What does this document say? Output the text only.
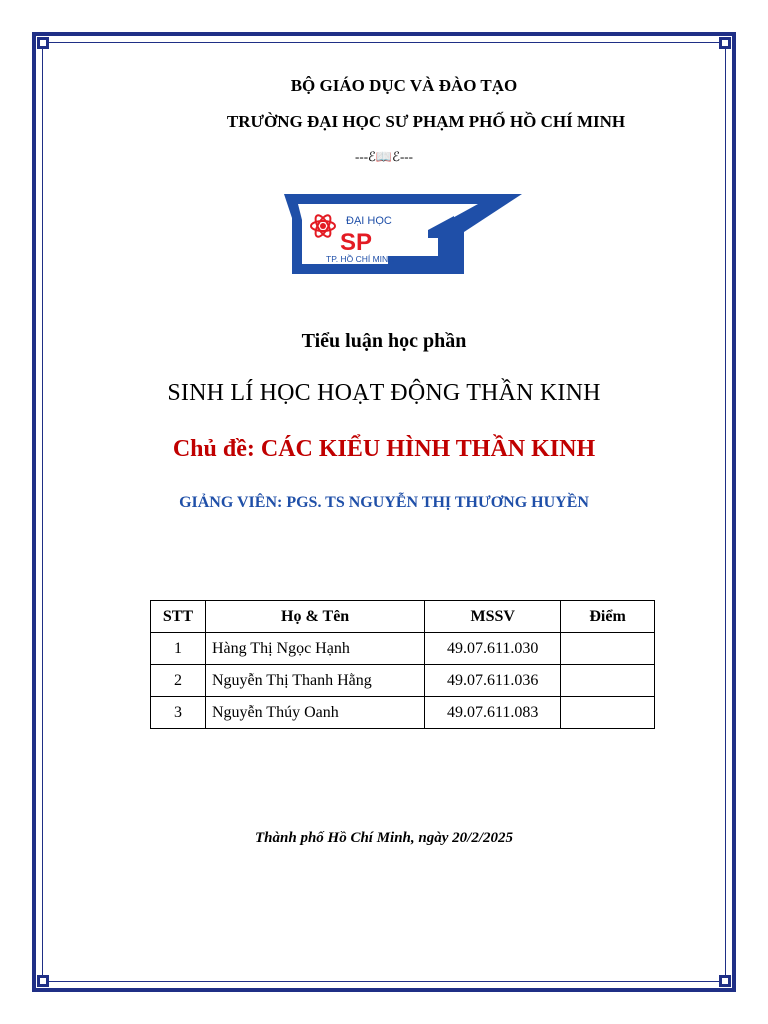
BỘ GIÁO DỤC VÀ ĐÀO TẠO
TRƯỜNG ĐẠI HỌC SƯ PHẠM PHỐ HỒ CHÍ MINH
---ℰ📖ℰ---
ĐẠI HỌC
SP
TP. HỒ CHÍ MINH
Tiểu luận học phần
SINH LÍ HỌC HOẠT ĐỘNG THẦN KINH
Chủ đề: CÁC KIỂU HÌNH THẦN KINH
GIẢNG VIÊN: PGS. TS NGUYỄN THỊ THƯƠNG HUYỀN
STT	Họ & Tên	MSSV	Điểm
1	Hàng Thị Ngọc Hạnh	49.07.611.030	
2	Nguyễn Thị Thanh Hằng	49.07.611.036	
3	Nguyễn Thúy Oanh	49.07.611.083	
Thành phố Hồ Chí Minh, ngày 20/2/2025
